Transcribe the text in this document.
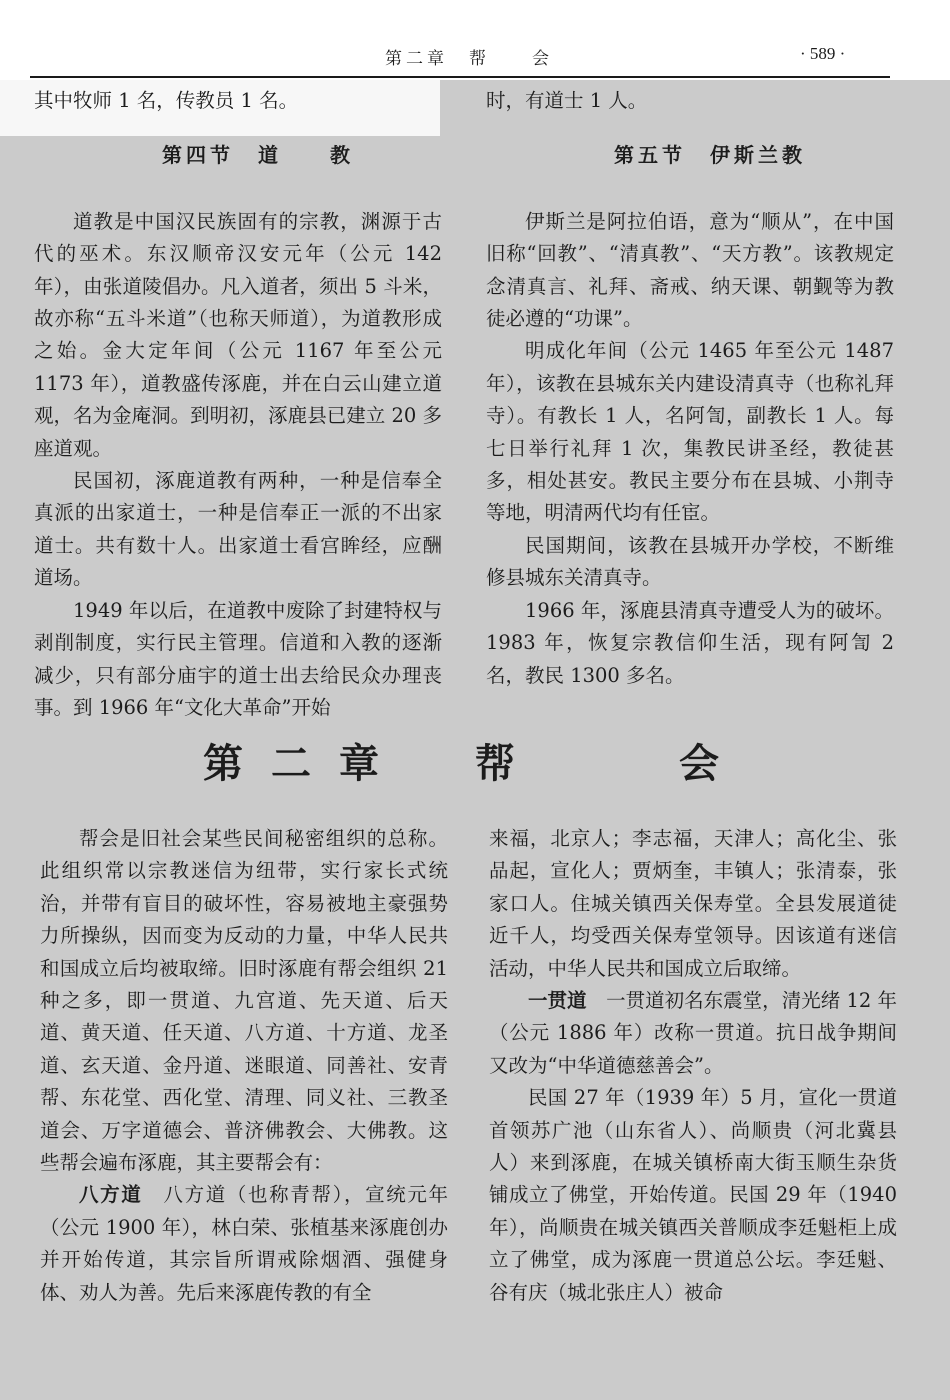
第二章　帮　　会	· 589 ·

其中牧师 1 名，传教员 1 名。

第四节　道　　教

道教是中国汉民族固有的宗教，渊源于古代的巫术。东汉顺帝汉安元年（公元 142 年），由张道陵倡办。凡入道者，须出 5 斗米，故亦称“五斗米道”（也称天师道），为道教形成之始。金大定年间（公元 1167 年至公元 1173 年），道教盛传涿鹿，并在白云山建立道观，名为金庵洞。到明初，涿鹿县已建立 20 多座道观。

民国初，涿鹿道教有两种，一种是信奉全真派的出家道士，一种是信奉正一派的不出家道士。共有数十人。出家道士看宫眸经，应酬道场。

1949 年以后，在道教中废除了封建特权与剥削制度，实行民主管理。信道和入教的逐渐减少，只有部分庙宇的道士出去给民众办理丧事。到 1966 年“文化大革命”开始

时，有道士 1 人。

第五节　伊斯兰教

伊斯兰是阿拉伯语，意为“顺从”，在中国旧称“回教”、“清真教”、“天方教”。该教规定念清真言、礼拜、斋戒、纳天课、朝觐等为教徒必遵的“功课”。

明成化年间（公元 1465 年至公元 1487 年），该教在县城东关内建设清真寺（也称礼拜寺）。有教长 1 人，名阿訇，副教长 1 人。每七日举行礼拜 1 次，集教民讲圣经，教徒甚多，相处甚安。教民主要分布在县城、小荆寺等地，明清两代均有任宦。

民国期间，该教在县城开办学校，不断维修县城东关清真寺。

1966 年，涿鹿县清真寺遭受人为的破坏。1983 年，恢复宗教信仰生活，现有阿訇 2 名，教民 1300 多名。

第二章　帮　　会

帮会是旧社会某些民间秘密组织的总称。此组织常以宗教迷信为纽带，实行家长式统治，并带有盲目的破坏性，容易被地主豪强势力所操纵，因而变为反动的力量，中华人民共和国成立后均被取缔。旧时涿鹿有帮会组织 21 种之多，即一贯道、九宫道、先天道、后天道、黄天道、任天道、八方道、十方道、龙圣道、玄天道、金丹道、迷眼道、同善社、安青帮、东花堂、西化堂、清理、同义社、三教圣道会、万字道德会、普济佛教会、大佛教。这些帮会遍布涿鹿，其主要帮会有：

八方道　 八方道（也称青帮），宣统元年（公元 1900 年），林白荣、张植基来涿鹿创办并开始传道，其宗旨所谓戒除烟酒、强健身体、劝人为善。先后来涿鹿传教的有全

来福，北京人；李志福，天津人；高化尘、张品起，宣化人；贾炳奎，丰镇人；张清泰，张家口人。住城关镇西关保寿堂。全县发展道徒近千人，均受西关保寿堂领导。因该道有迷信活动，中华人民共和国成立后取缔。

一贯道　 一贯道初名东震堂，清光绪 12 年（公元 1886 年）改称一贯道。抗日战争期间又改为“中华道德慈善会”。

民国 27 年（1939 年）5 月，宣化一贯道首领苏广池（山东省人）、尚顺贵（河北冀县人）来到涿鹿，在城关镇桥南大街玉顺生杂货铺成立了佛堂，开始传道。民国 29 年（1940 年），尚顺贵在城关镇西关普顺成李廷魁柜上成立了佛堂，成为涿鹿一贯道总公坛。李廷魁、谷有庆（城北张庄人）被命
